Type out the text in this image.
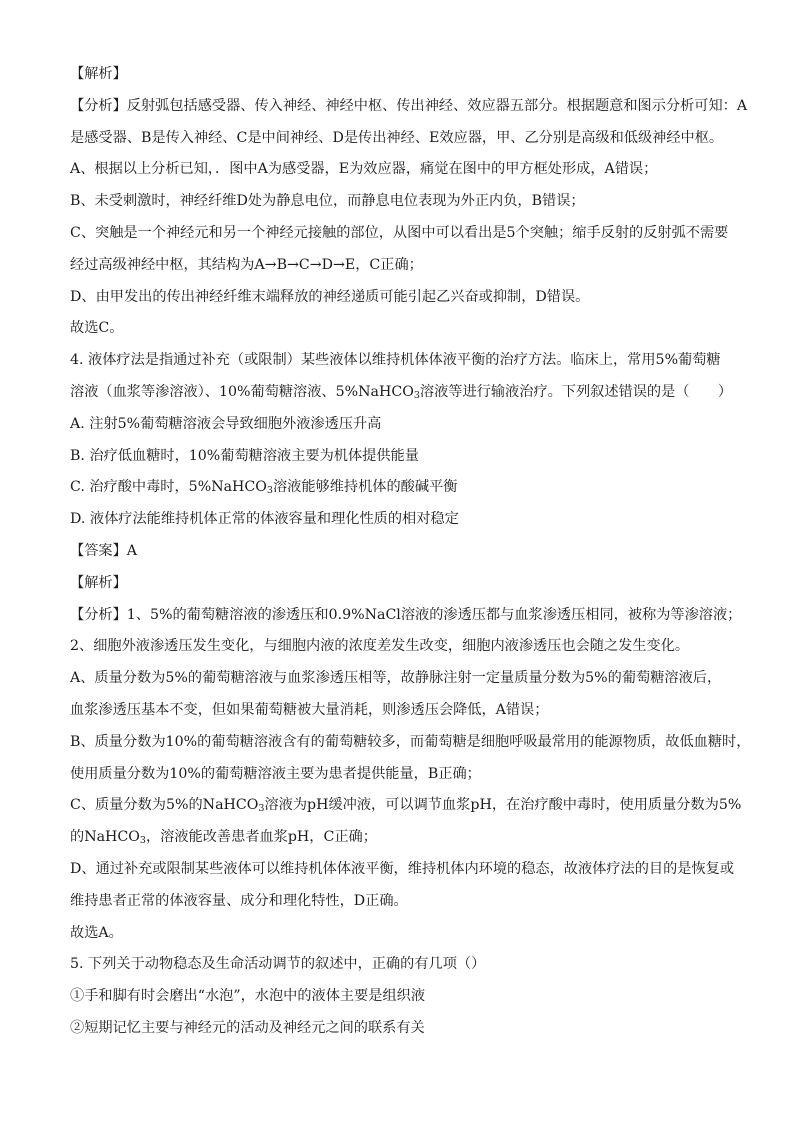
【解析】
【分析】反射弧包括感受器、传入神经、神经中枢、传出神经、效应器五部分。根据题意和图示分析可知：A
是感受器、B是传入神经、C是中间神经、D是传出神经、E效应器，甲、乙分别是高级和低级神经中枢。
A、根据以上分析已知，．图中A为感受器，E为效应器，痛觉在图中的甲方框处形成，A错误；
B、未受刺激时，神经纤维D处为静息电位，而静息电位表现为外正内负，B错误；
C、突触是一个神经元和另一个神经元接触的部位，从图中可以看出是5个突触；缩手反射的反射弧不需要
经过高级神经中枢，其结构为A→B→C→D→E，C正确；
D、由甲发出的传出神经纤维末端释放的神经递质可能引起乙兴奋或抑制，D错误。
故选C。
4. 液体疗法是指通过补充（或限制）某些液体以维持机体体液平衡的治疗方法。临床上，常用5%葡萄糖
溶液（血浆等渗溶液）、10%葡萄糖溶液、5%NaHCO$_3$溶液等进行输液治疗。下列叙述错误的是（　　）
A. 注射5%葡萄糖溶液会导致细胞外液渗透压升高
B. 治疗低血糖时，10%葡萄糖溶液主要为机体提供能量
C. 治疗酸中毒时，5%NaHCO$_3$溶液能够维持机体的酸碱平衡
D. 液体疗法能维持机体正常的体液容量和理化性质的相对稳定
【答案】A
【解析】
【分析】1、5%的葡萄糖溶液的渗透压和0.9%NaCl溶液的渗透压都与血浆渗透压相同，被称为等渗溶液；
2、细胞外液渗透压发生变化，与细胞内液的浓度差发生改变，细胞内液渗透压也会随之发生变化。
A、质量分数为5%的葡萄糖溶液与血浆渗透压相等，故静脉注射一定量质量分数为5%的葡萄糖溶液后，
血浆渗透压基本不变，但如果葡萄糖被大量消耗，则渗透压会降低，A错误；
B、质量分数为10%的葡萄糖溶液含有的葡萄糖较多，而葡萄糖是细胞呼吸最常用的能源物质，故低血糖时，
使用质量分数为10%的葡萄糖溶液主要为患者提供能量，B正确；
C、质量分数为5%的NaHCO$_3$溶液为pH缓冲液，可以调节血浆pH，在治疗酸中毒时，使用质量分数为5%
的NaHCO$_3$，溶液能改善患者血浆pH，C正确；
D、通过补充或限制某些液体可以维持机体体液平衡，维持机体内环境的稳态，故液体疗法的目的是恢复或
维持患者正常的体液容量、成分和理化特性，D正确。
故选A。
5. 下列关于动物稳态及生命活动调节的叙述中，正确的有几项（）
①手和脚有时会磨出“水泡”，水泡中的液体主要是组织液
②短期记忆主要与神经元的活动及神经元之间的联系有关
